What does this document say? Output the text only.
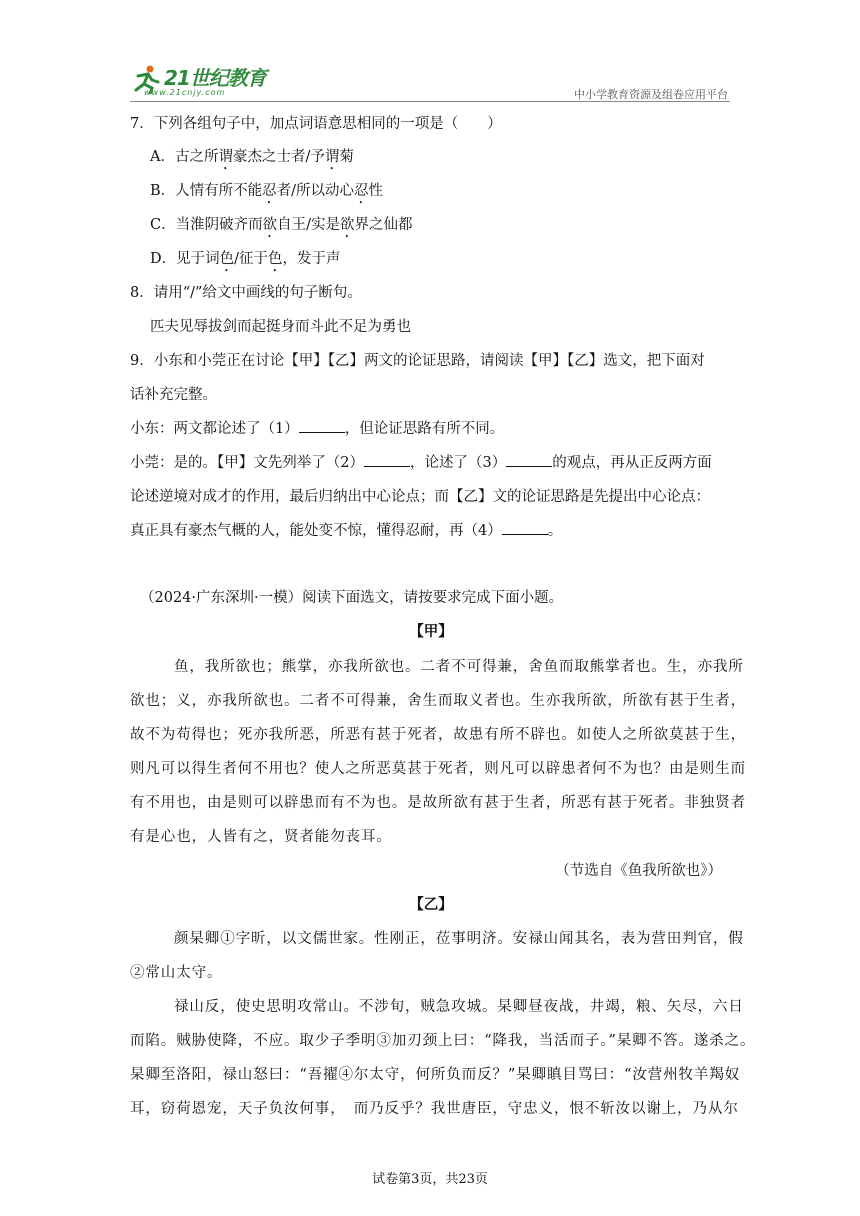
21世纪教育
www.21cnjy.com	中小学教育资源及组卷应用平台
7．下列各组句子中，加点词语意思相同的一项是（　　）
A．古之所谓豪杰之士者/予谓菊
B．人情有所不能忍者/所以动心忍性
C．当淮阴破齐而欲自王/实是欲界之仙都
D．见于词色/征于色，发于声
8．请用“/”给文中画线的句子断句。
匹夫见辱拔剑而起挺身而斗此不足为勇也
9．小东和小莞正在讨论【甲】【乙】两文的论证思路，请阅读【甲】【乙】选文，把下面对
话补充完整。
小东：两文都论述了（1）	，但论证思路有所不同。
小莞：是的。【甲】文先列举了（2）	，论述了（3）	的观点，再从正反两方面
论述逆境对成才的作用，最后归纳出中心论点；而【乙】文的论证思路是先提出中心论点：
真正具有豪杰气概的人，能处变不惊，懂得忍耐，再（4）	。
（2024·广东深圳·一模）阅读下面选文，请按要求完成下面小题。
【甲】
鱼，我所欲也；熊掌，亦我所欲也。二者不可得兼，舍鱼而取熊掌者也。生，亦我所
欲也；义，亦我所欲也。二者不可得兼，舍生而取义者也。生亦我所欲，所欲有甚于生者，
故不为苟得也；死亦我所恶，所恶有甚于死者，故患有所不辟也。如使人之所欲莫甚于生，
则凡可以得生者何不用也？使人之所恶莫甚于死者，则凡可以辟患者何不为也？由是则生而
有不用也，由是则可以辟患而有不为也。是故所欲有甚于生者，所恶有甚于死者。非独贤者
有是心也，人皆有之，贤者能勿丧耳。
（节选自《鱼我所欲也》）
【乙】
颜杲卿①字昕，以文儒世家。性刚正，莅事明济。安禄山闻其名，表为营田判官，假
②常山太守。
禄山反，使史思明攻常山。不涉旬，贼急攻城。杲卿昼夜战，井竭，粮、矢尽，六日
而陷。贼胁使降，不应。取少子季明③加刃颈上曰：“降我，当活而子。”杲卿不答。遂杀之。
杲卿至洛阳，禄山怒曰：“吾擢④尔太守，何所负而反？”杲卿瞋目骂曰：“汝营州牧羊羯奴
耳，窃荷恩宠，天子负汝何事，　而乃反乎？我世唐臣，守忠义，恨不斩汝以谢上，乃从尔
试卷第3页，共23页
